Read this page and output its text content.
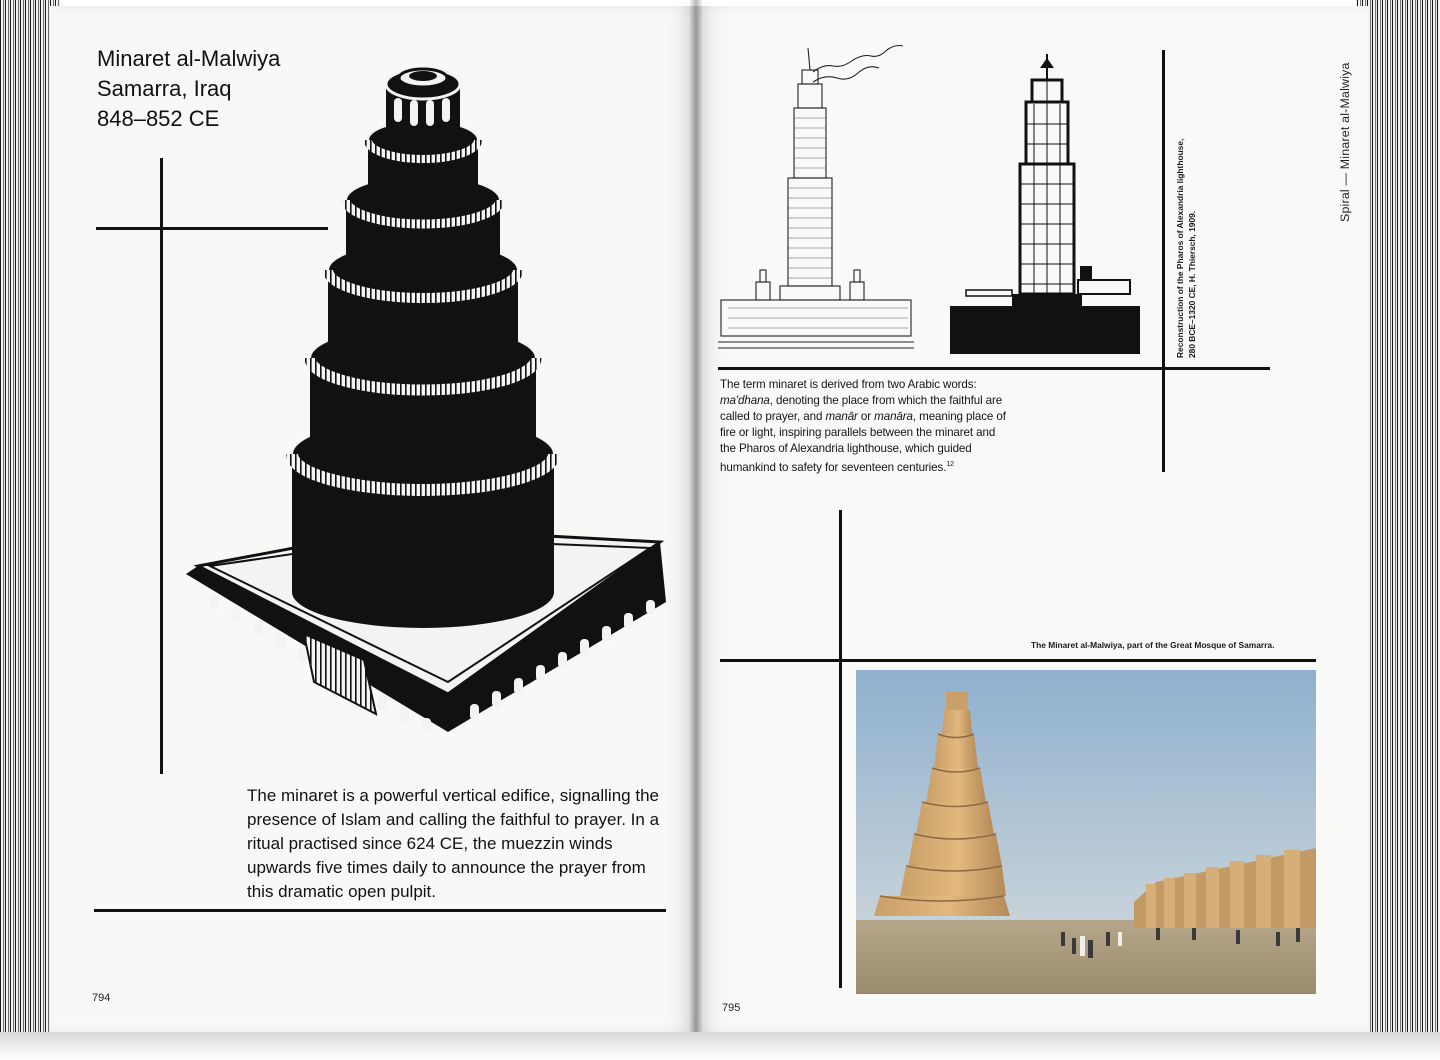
Minaret al-Malwiya
Samarra, Iraq
848–852 CE

The minaret is a powerful vertical edifice, signalling the presence of Islam and calling the faithful to prayer. In a ritual practised since 624 CE, the muezzin winds upwards five times daily to announce the prayer from this dramatic open pulpit.

794
Spiral — Minaret al-Malwiya
Reconstruction of the Pharos of Alexandria lighthouse, 280 BCE–1320 CE, H. Thiersch, 1909.

The term minaret is derived from two Arabic words: ma'dhana, denoting the place from which the faithful are called to prayer, and manār or manāra, meaning place of fire or light, inspiring parallels between the minaret and the Pharos of Alexandria lighthouse, which guided humankind to safety for seventeen centuries.$^{12}$

The Minaret al-Malwiya, part of the Great Mosque of Samarra.
795
